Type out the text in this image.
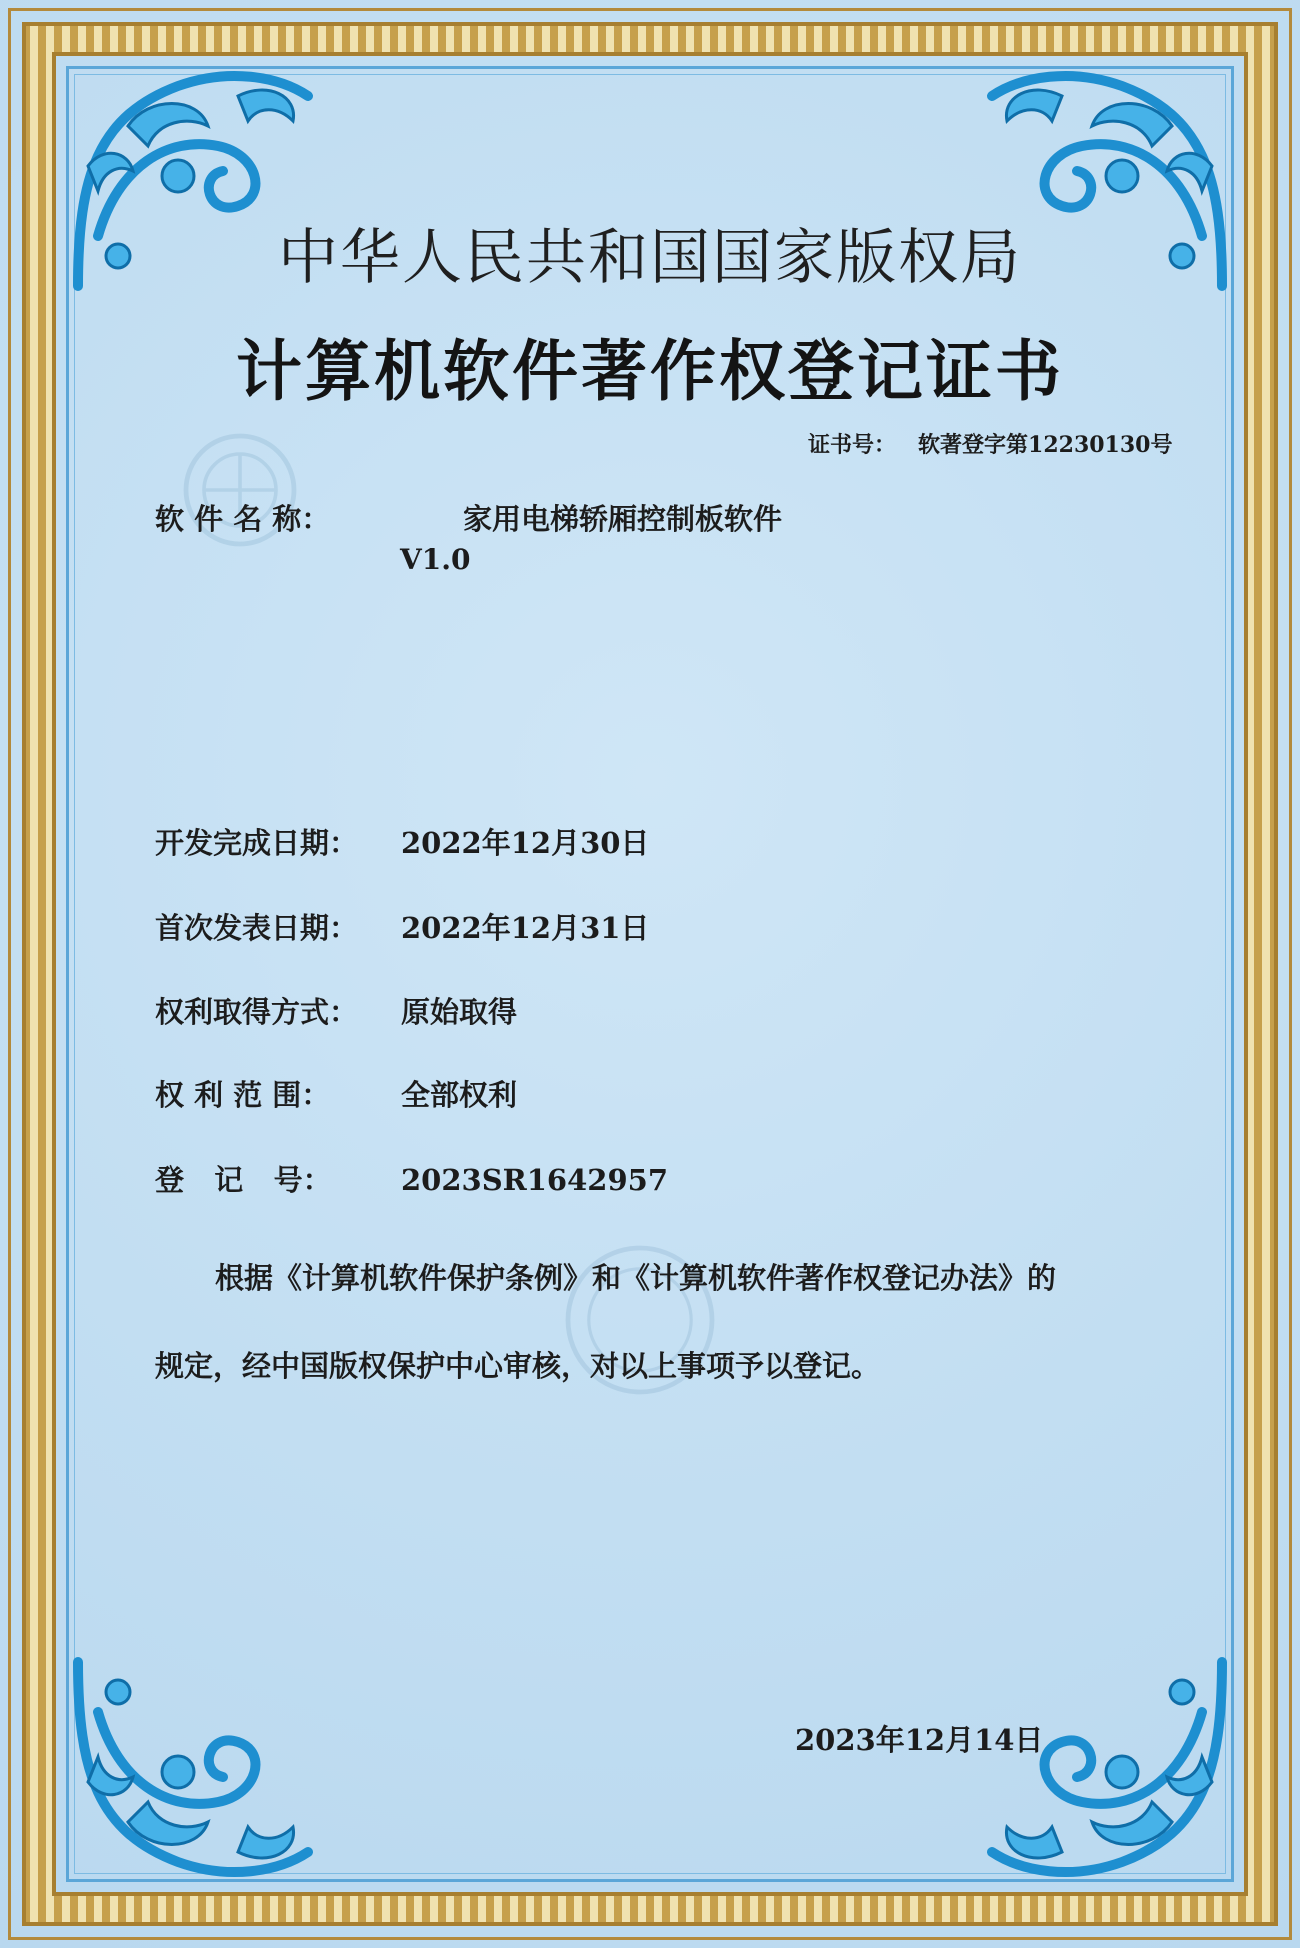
中华人民共和国国家版权局
计算机软件著作权登记证书
证书号： 软著登字第12230130号
软 件 名 称：	家用电梯轿厢控制板软件
V1.0
开发完成日期： 2022年12月30日
首次发表日期： 2022年12月31日
权利取得方式： 原始取得
权 利 范 围： 全部权利
登   记   号： 2023SR1642957
根据《计算机软件保护条例》和《计算机软件著作权登记办法》的
规定，经中国版权保护中心审核，对以上事项予以登记。
2023年12月14日
